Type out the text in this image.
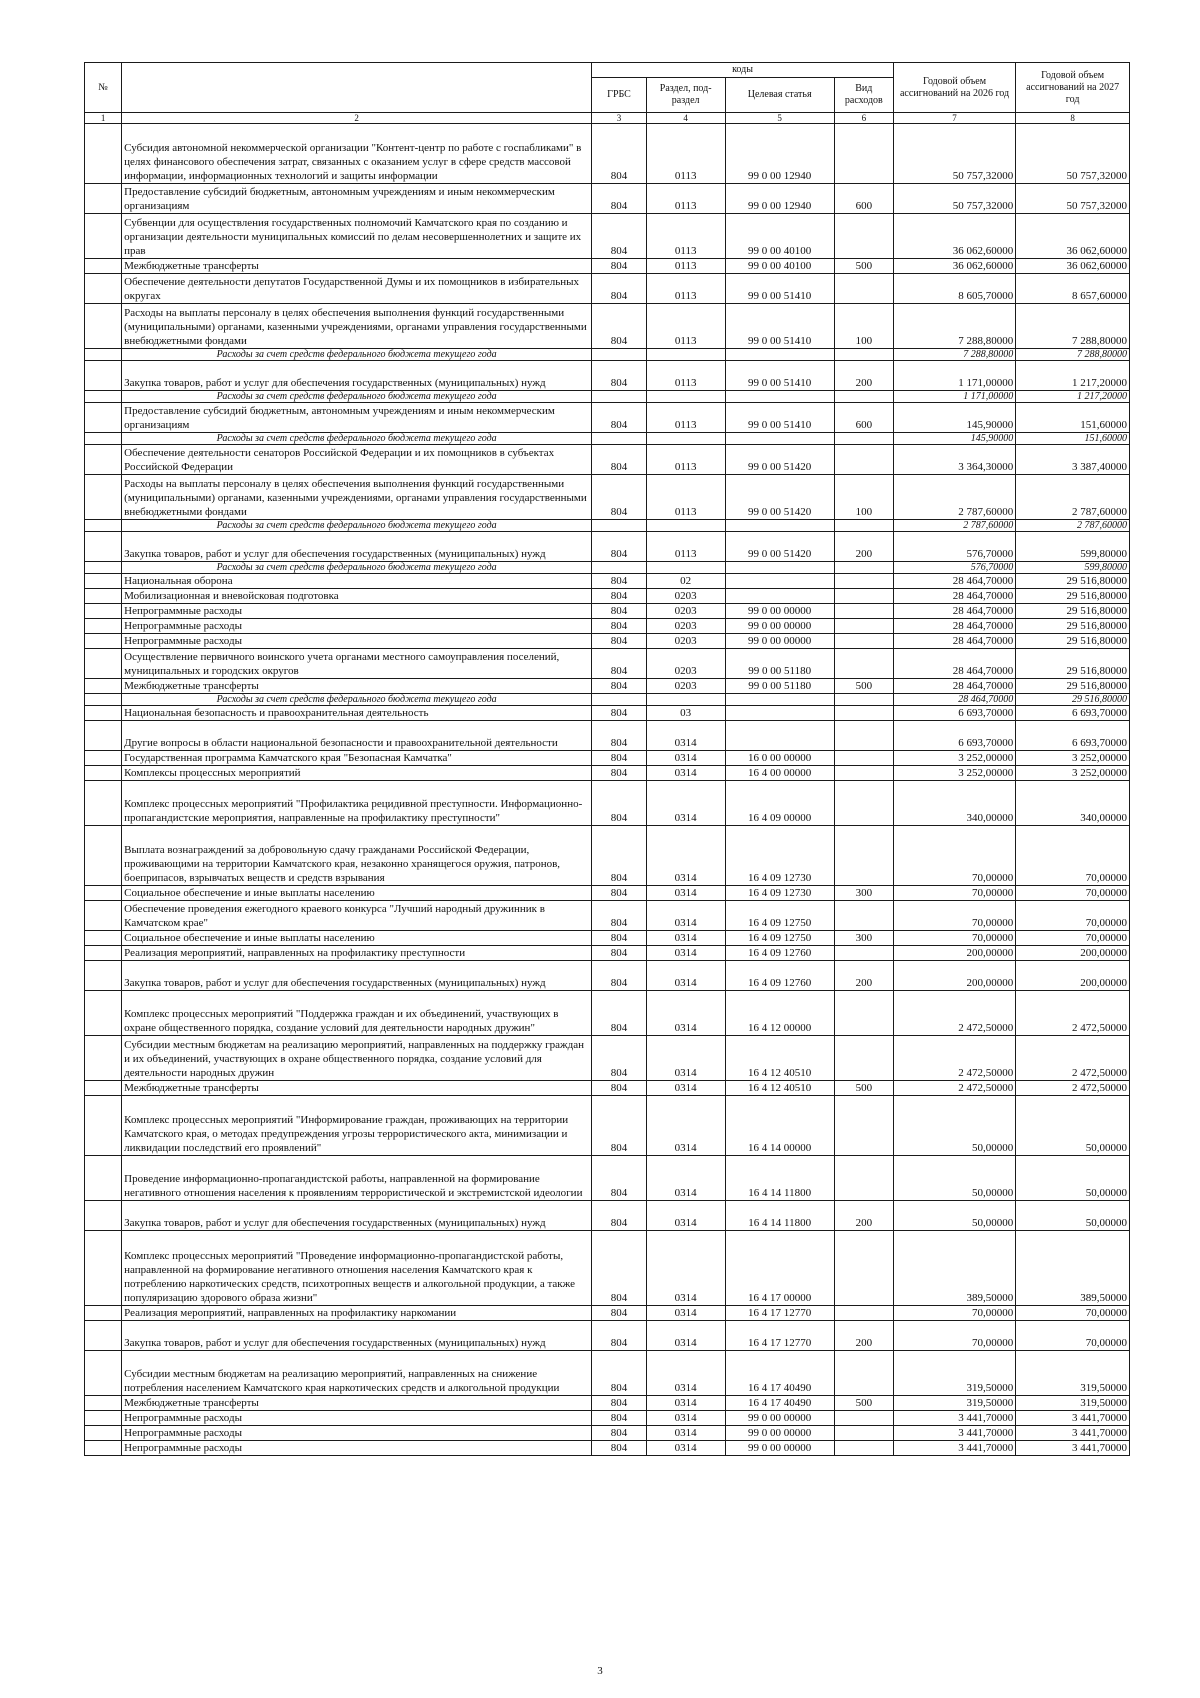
№		коды				Годовой объем ассигнований на 2026 год	Годовой объем ассигнований на 2027 год
		ГРБС	Раздел, под-раздел	Целевая статья	Вид расходов		
1	2	3	4	5	6	7	8
	Субсидия автономной некоммерческой организации "Контент-центр по работе с госпабликами" в целях финансового обеспечения затрат, связанных с оказанием услуг в сфере средств массовой информации, информационных технологий и защиты информации	804	0113	99 0 00 12940		50 757,32000	50 757,32000
	Предоставление субсидий бюджетным, автономным учреждениям и иным некоммерческим организациям	804	0113	99 0 00 12940	600	50 757,32000	50 757,32000
	Субвенции для осуществления государственных полномочий Камчатского края по созданию и организации деятельности муниципальных комиссий по делам несовершеннолетних и защите их прав	804	0113	99 0 00 40100		36 062,60000	36 062,60000
	Межбюджетные трансферты	804	0113	99 0 00 40100	500	36 062,60000	36 062,60000
	Обеспечение деятельности депутатов Государственной Думы и их помощников в избирательных округах	804	0113	99 0 00 51410		8 605,70000	8 657,60000
	Расходы на выплаты персоналу в целях обеспечения выполнения функций государственными (муниципальными) органами, казенными учреждениями, органами управления государственными внебюджетными фондами	804	0113	99 0 00 51410	100	7 288,80000	7 288,80000
	Расходы за счет средств федерального бюджета текущего года					7 288,80000	7 288,80000
	Закупка товаров, работ и услуг для обеспечения государственных (муниципальных) нужд	804	0113	99 0 00 51410	200	1 171,00000	1 217,20000
	Расходы за счет средств федерального бюджета текущего года					1 171,00000	1 217,20000
	Предоставление субсидий бюджетным, автономным учреждениям и иным некоммерческим организациям	804	0113	99 0 00 51410	600	145,90000	151,60000
	Расходы за счет средств федерального бюджета текущего года					145,90000	151,60000
	Обеспечение деятельности сенаторов Российской Федерации и их помощников в субъектах Российской Федерации	804	0113	99 0 00 51420		3 364,30000	3 387,40000
	Расходы на выплаты персоналу в целях обеспечения выполнения функций государственными (муниципальными) органами, казенными учреждениями, органами управления государственными внебюджетными фондами	804	0113	99 0 00 51420	100	2 787,60000	2 787,60000
	Расходы за счет средств федерального бюджета текущего года					2 787,60000	2 787,60000
	Закупка товаров, работ и услуг для обеспечения государственных (муниципальных) нужд	804	0113	99 0 00 51420	200	576,70000	599,80000
	Расходы за счет средств федерального бюджета текущего года					576,70000	599,80000
	Национальная оборона	804	02			28 464,70000	29 516,80000
	Мобилизационная и вневойсковая подготовка	804	0203			28 464,70000	29 516,80000
	Непрограммные расходы	804	0203	99 0 00 00000		28 464,70000	29 516,80000
	Непрограммные расходы	804	0203	99 0 00 00000		28 464,70000	29 516,80000
	Непрограммные расходы	804	0203	99 0 00 00000		28 464,70000	29 516,80000
	Осуществление первичного воинского учета органами местного самоуправления поселений, муниципальных и городских округов	804	0203	99 0 00 51180		28 464,70000	29 516,80000
	Межбюджетные трансферты	804	0203	99 0 00 51180	500	28 464,70000	29 516,80000
	Расходы за счет средств федерального бюджета текущего года					28 464,70000	29 516,80000
	Национальная безопасность и правоохранительная деятельность	804	03			6 693,70000	6 693,70000
	Другие вопросы в области национальной безопасности и правоохранительной деятельности	804	0314			6 693,70000	6 693,70000
	Государственная программа Камчатского края "Безопасная Камчатка"	804	0314	16 0 00 00000		3 252,00000	3 252,00000
	Комплексы процессных мероприятий	804	0314	16 4 00 00000		3 252,00000	3 252,00000
	Комплекс процессных мероприятий "Профилактика рецидивной преступности. Информационно-пропагандистские мероприятия, направленные на профилактику преступности"	804	0314	16 4 09 00000		340,00000	340,00000
	Выплата вознаграждений за добровольную сдачу гражданами Российской Федерации, проживающими на территории Камчатского края, незаконно хранящегося оружия, патронов, боеприпасов, взрывчатых веществ и средств взрывания	804	0314	16 4 09 12730		70,00000	70,00000
	Социальное обеспечение и иные выплаты населению	804	0314	16 4 09 12730	300	70,00000	70,00000
	Обеспечение проведения ежегодного краевого конкурса "Лучший народный дружинник в Камчатском крае"	804	0314	16 4 09 12750		70,00000	70,00000
	Социальное обеспечение и иные выплаты населению	804	0314	16 4 09 12750	300	70,00000	70,00000
	Реализация мероприятий, направленных на профилактику преступности	804	0314	16 4 09 12760		200,00000	200,00000
	Закупка товаров, работ и услуг для обеспечения государственных (муниципальных) нужд	804	0314	16 4 09 12760	200	200,00000	200,00000
	Комплекс процессных мероприятий "Поддержка граждан и их объединений, участвующих в охране общественного порядка, создание условий для деятельности народных дружин"	804	0314	16 4 12 00000		2 472,50000	2 472,50000
	Субсидии местным бюджетам на реализацию мероприятий, направленных на поддержку граждан и их объединений, участвующих в охране общественного порядка, создание условий для деятельности народных дружин	804	0314	16 4 12 40510		2 472,50000	2 472,50000
	Межбюджетные трансферты	804	0314	16 4 12 40510	500	2 472,50000	2 472,50000
	Комплекс процессных мероприятий "Информирование граждан, проживающих на территории Камчатского края, о методах предупреждения угрозы террористического акта, минимизации и ликвидации последствий его проявлений"	804	0314	16 4 14 00000		50,00000	50,00000
	Проведение информационно-пропагандистской работы, направленной на формирование негативного отношения населения к проявлениям террористической и экстремистской идеологии	804	0314	16 4 14 11800		50,00000	50,00000
	Закупка товаров, работ и услуг для обеспечения государственных (муниципальных) нужд	804	0314	16 4 14 11800	200	50,00000	50,00000
	Комплекс процессных мероприятий "Проведение информационно-пропагандистской работы, направленной на формирование негативного отношения населения Камчатского края к потреблению наркотических средств, психотропных веществ и алкогольной продукции, а также популяризацию здорового образа жизни"	804	0314	16 4 17 00000		389,50000	389,50000
	Реализация мероприятий, направленных на профилактику наркомании	804	0314	16 4 17 12770		70,00000	70,00000
	Закупка товаров, работ и услуг для обеспечения государственных (муниципальных) нужд	804	0314	16 4 17 12770	200	70,00000	70,00000
	Субсидии местным бюджетам на реализацию мероприятий, направленных на снижение потребления населением Камчатского края наркотических средств и алкогольной продукции	804	0314	16 4 17 40490		319,50000	319,50000
	Межбюджетные трансферты	804	0314	16 4 17 40490	500	319,50000	319,50000
	Непрограммные расходы	804	0314	99 0 00 00000		3 441,70000	3 441,70000
	Непрограммные расходы	804	0314	99 0 00 00000		3 441,70000	3 441,70000
	Непрограммные расходы	804	0314	99 0 00 00000		3 441,70000	3 441,70000
3
